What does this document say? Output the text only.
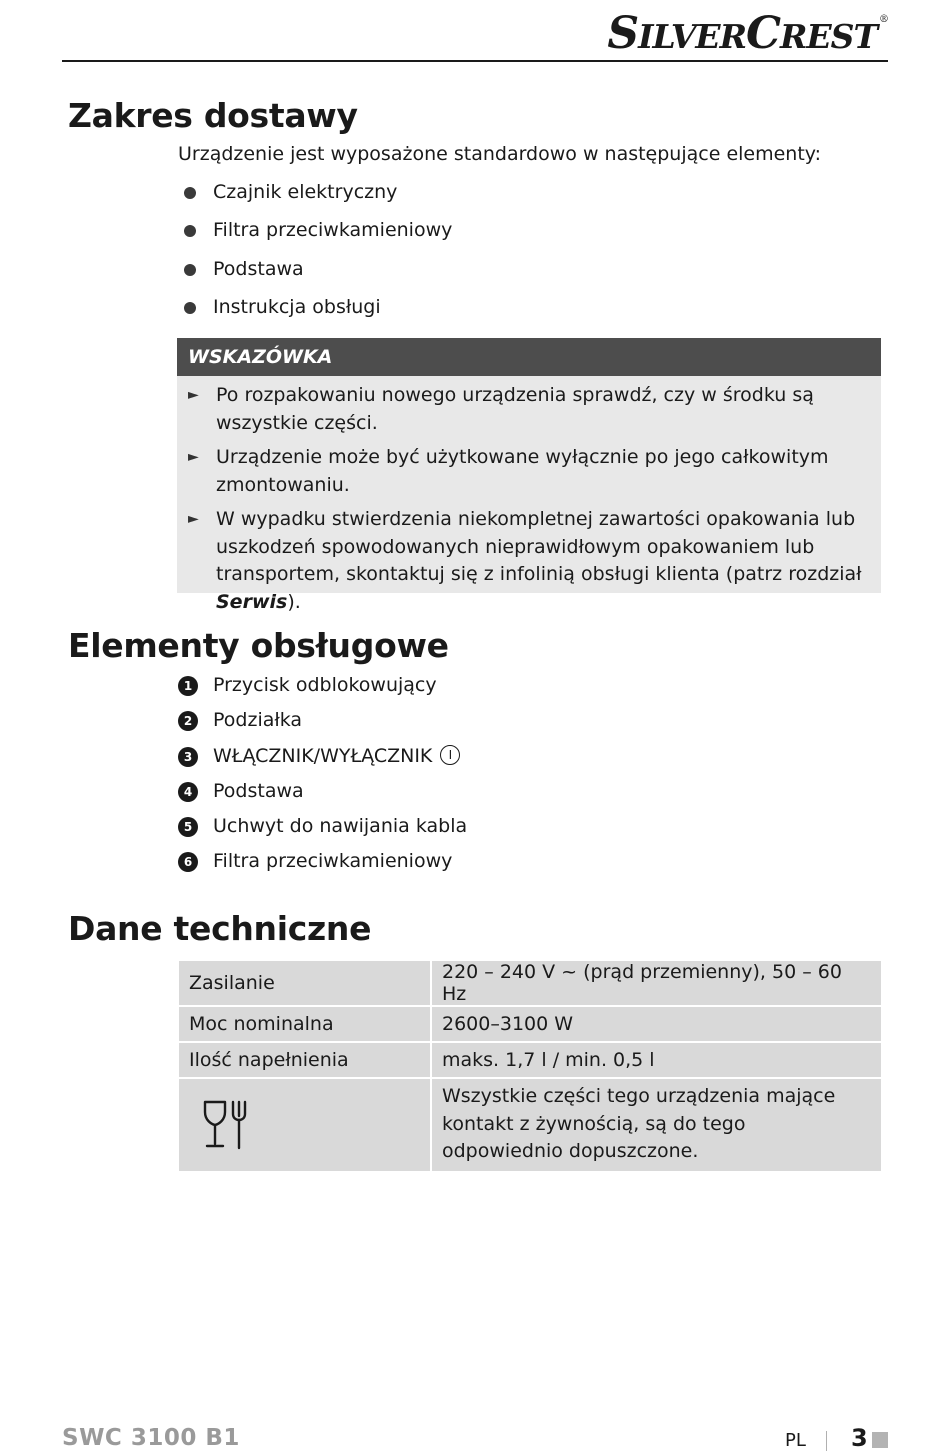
SILVERCREST ®
Zakres dostawy

Urządzenie jest wyposażone standardowo w następujące elementy:

Czajnik elektryczny
Filtra przeciwkamieniowy
Podstawa
Instrukcja obsługi
WSKAZÓWKA
► Po rozpakowaniu nowego urządzenia sprawdź, czy w środku są wszystkie części.
► Urządzenie może być użytkowane wyłącznie po jego całkowitym zmontowaniu.
► W wypadku stwierdzenia niekompletnej zawartości opakowania lub uszkodzeń spowodowanych nieprawidłowym opakowaniem lub transportem, skontaktuj się z infolinią obsługi klienta (patrz rozdział Serwis).
Elementy obsługowe
1	Przycisk odblokowujący
2	Podziałka
3	WŁĄCZNIK/WYŁĄCZNIK	I
4	Podstawa
5	Uchwyt do nawijania kabla
6	Filtra przeciwkamieniowy
Dane techniczne
Zasilanie	220 – 240 V ~ (prąd przemienny), 50 – 60 Hz
Moc nominalna	2600–3100 W
Ilość napełnienia	maks. 1,7 l / min. 0,5 l

	Wszystkie części tego urządzenia mające kontakt z żywnością, są do tego odpowiednio dopuszczone.
SWC 3100 B1	PL 3
